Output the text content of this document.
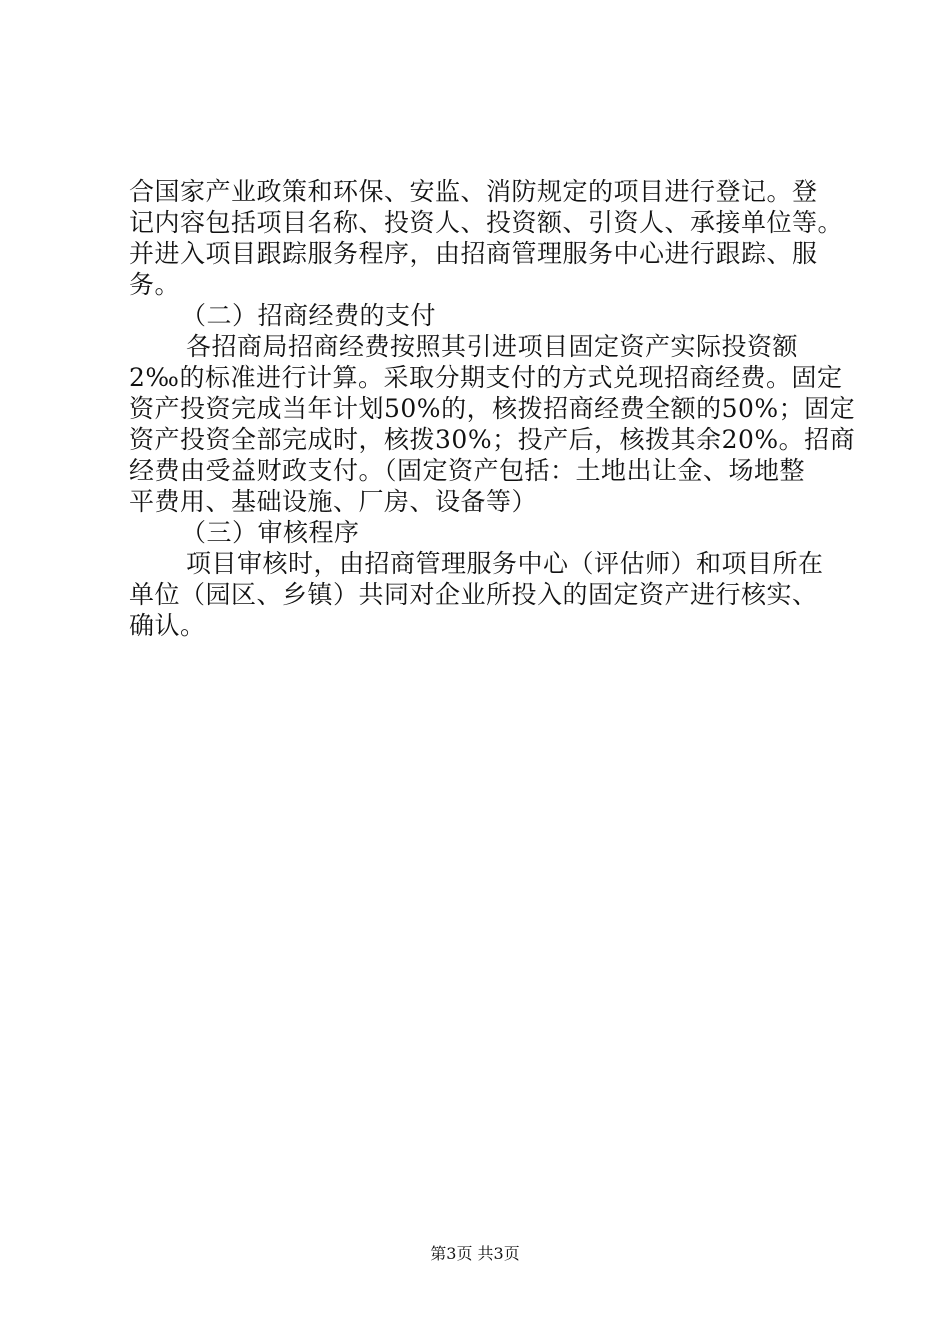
合国家产业政策和环保、安监、消防规定的项目进行登记。登
记内容包括项目名称、投资人、投资额、引资人、承接单位等。
并进入项目跟踪服务程序，由招商管理服务中心进行跟踪、服
务。
（二）招商经费的支付
各招商局招商经费按照其引进项目固定资产实际投资额
2‰的标准进行计算。采取分期支付的方式兑现招商经费。固定
资产投资完成当年计划50%的，核拨招商经费全额的50%；固定
资产投资全部完成时，核拨30%；投产后，核拨其余20%。招商
经费由受益财政支付。（固定资产包括：土地出让金、场地整
平费用、基础设施、厂房、设备等）
（三）审核程序
项目审核时，由招商管理服务中心（评估师）和项目所在
单位（园区、乡镇）共同对企业所投入的固定资产进行核实、
确认。
第3页 共3页
